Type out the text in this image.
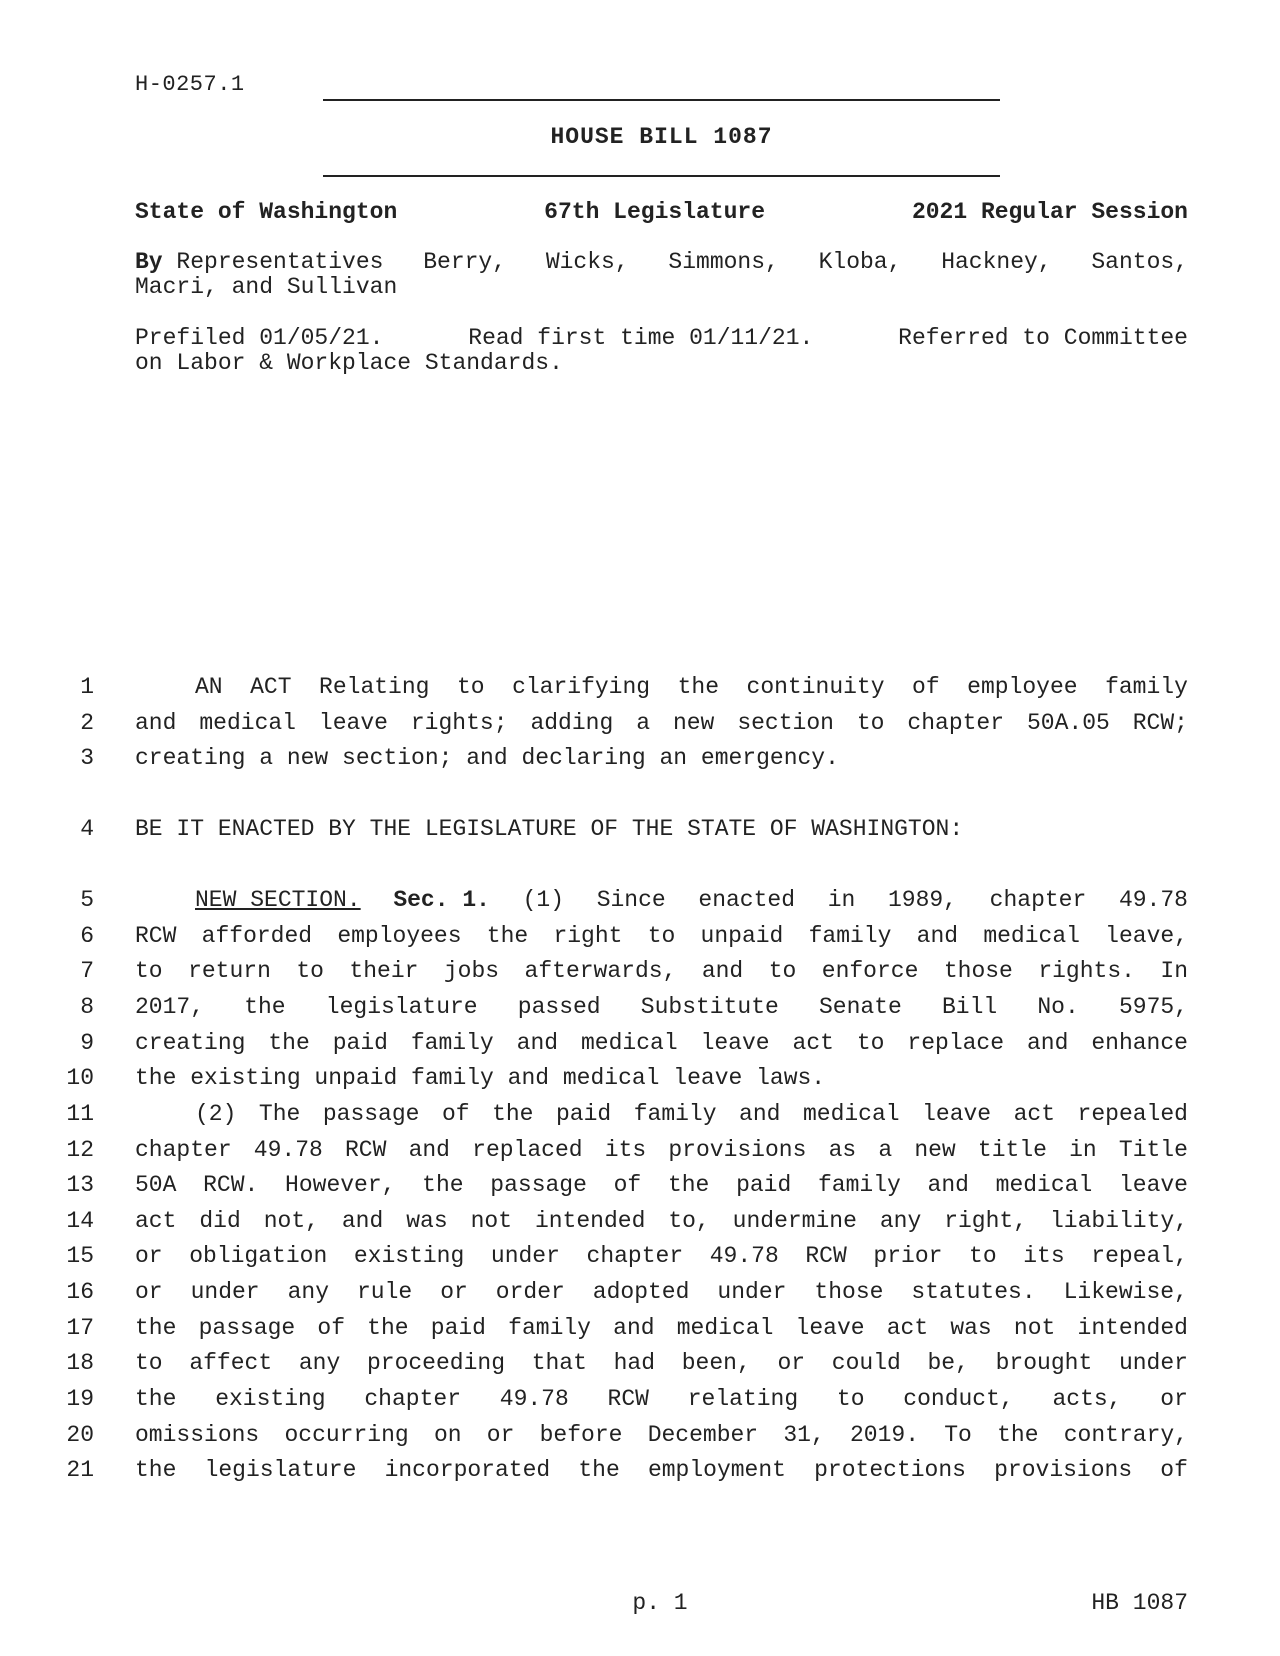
H-0257.1
HOUSE BILL 1087
State of Washington	67th Legislature	2021 Regular Session
By Representatives Berry, Wicks, Simmons, Kloba, Hackney, Santos,
Macri, and Sullivan
Prefiled 01/05/21.	Read first time 01/11/21.	Referred to Committee
on Labor & Workplace Standards.
1	AN ACT Relating to clarifying the continuity of employee family
2 and medical leave rights; adding a new section to chapter 50A.05 RCW;
3 creating a new section; and declaring an emergency.
4 BE IT ENACTED BY THE LEGISLATURE OF THE STATE OF WASHINGTON:
5	NEW SECTION. Sec. 1. (1) Since enacted in 1989, chapter 49.78
6 RCW afforded employees the right to unpaid family and medical leave,
7 to return to their jobs afterwards, and to enforce those rights. In
8 2017, the legislature passed Substitute Senate Bill No. 5975,
9 creating the paid family and medical leave act to replace and enhance
10 the existing unpaid family and medical leave laws.
11	(2) The passage of the paid family and medical leave act repealed
12 chapter 49.78 RCW and replaced its provisions as a new title in Title
13 50A RCW. However, the passage of the paid family and medical leave
14 act did not, and was not intended to, undermine any right, liability,
15 or obligation existing under chapter 49.78 RCW prior to its repeal,
16 or under any rule or order adopted under those statutes. Likewise,
17 the passage of the paid family and medical leave act was not intended
18 to affect any proceeding that had been, or could be, brought under
19 the existing chapter 49.78 RCW relating to conduct, acts, or
20 omissions occurring on or before December 31, 2019. To the contrary,
21 the legislature incorporated the employment protections provisions of
p. 1	HB 1087
